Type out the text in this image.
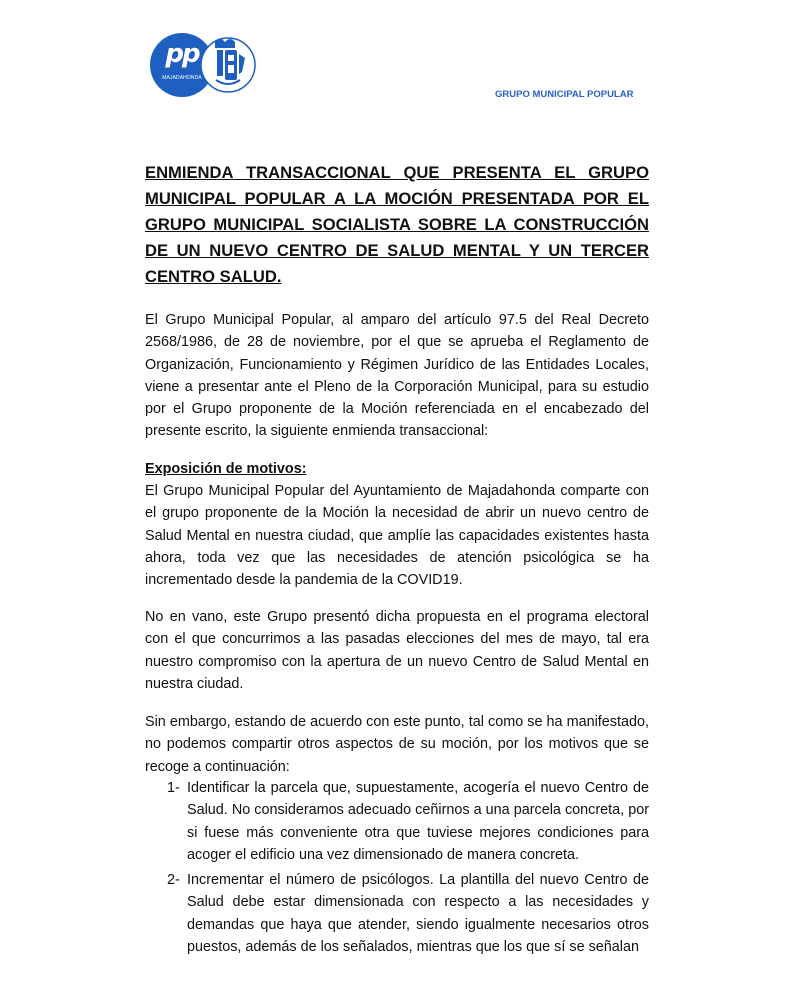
pp
MAJADAHONDA
GRUPO MUNICIPAL POPULAR
ENMIENDA TRANSACCIONAL QUE PRESENTA EL GRUPO MUNICIPAL POPULAR A LA MOCIÓN PRESENTADA POR EL GRUPO MUNICIPAL SOCIALISTA SOBRE LA CONSTRUCCIÓN DE UN NUEVO CENTRO DE SALUD MENTAL Y UN TERCER CENTRO SALUD.

El Grupo Municipal Popular, al amparo del artículo 97.5 del Real Decreto 2568/1986, de 28 de noviembre, por el que se aprueba el Reglamento de Organización, Funcionamiento y Régimen Jurídico de las Entidades Locales, viene a presentar ante el Pleno de la Corporación Municipal, para su estudio por el Grupo proponente de la Moción referenciada en el encabezado del presente escrito, la siguiente enmienda transaccional:

Exposición de motivos:

El Grupo Municipal Popular del Ayuntamiento de Majadahonda comparte con el grupo proponente de la Moción la necesidad de abrir un nuevo centro de Salud Mental en nuestra ciudad, que amplíe las capacidades existentes hasta ahora, toda vez que las necesidades de atención psicológica se ha incrementado desde la pandemia de la COVID19.

No en vano, este Grupo presentó dicha propuesta en el programa electoral con el que concurrimos a las pasadas elecciones del mes de mayo, tal era nuestro compromiso con la apertura de un nuevo Centro de Salud Mental en nuestra ciudad.

Sin embargo, estando de acuerdo con este punto, tal como se ha manifestado, no podemos compartir otros aspectos de su moción, por los motivos que se recoge a continuación:

1- Identificar la parcela que, supuestamente, acogería el nuevo Centro de Salud. No consideramos adecuado ceñirnos a una parcela concreta, por si fuese más conveniente otra que tuviese mejores condiciones para acoger el edificio una vez dimensionado de manera concreta.
2- Incrementar el número de psicólogos. La plantilla del nuevo Centro de Salud debe estar dimensionada con respecto a las necesidades y demandas que haya que atender, siendo igualmente necesarios otros puestos, además de los señalados, mientras que los que sí se señalan
